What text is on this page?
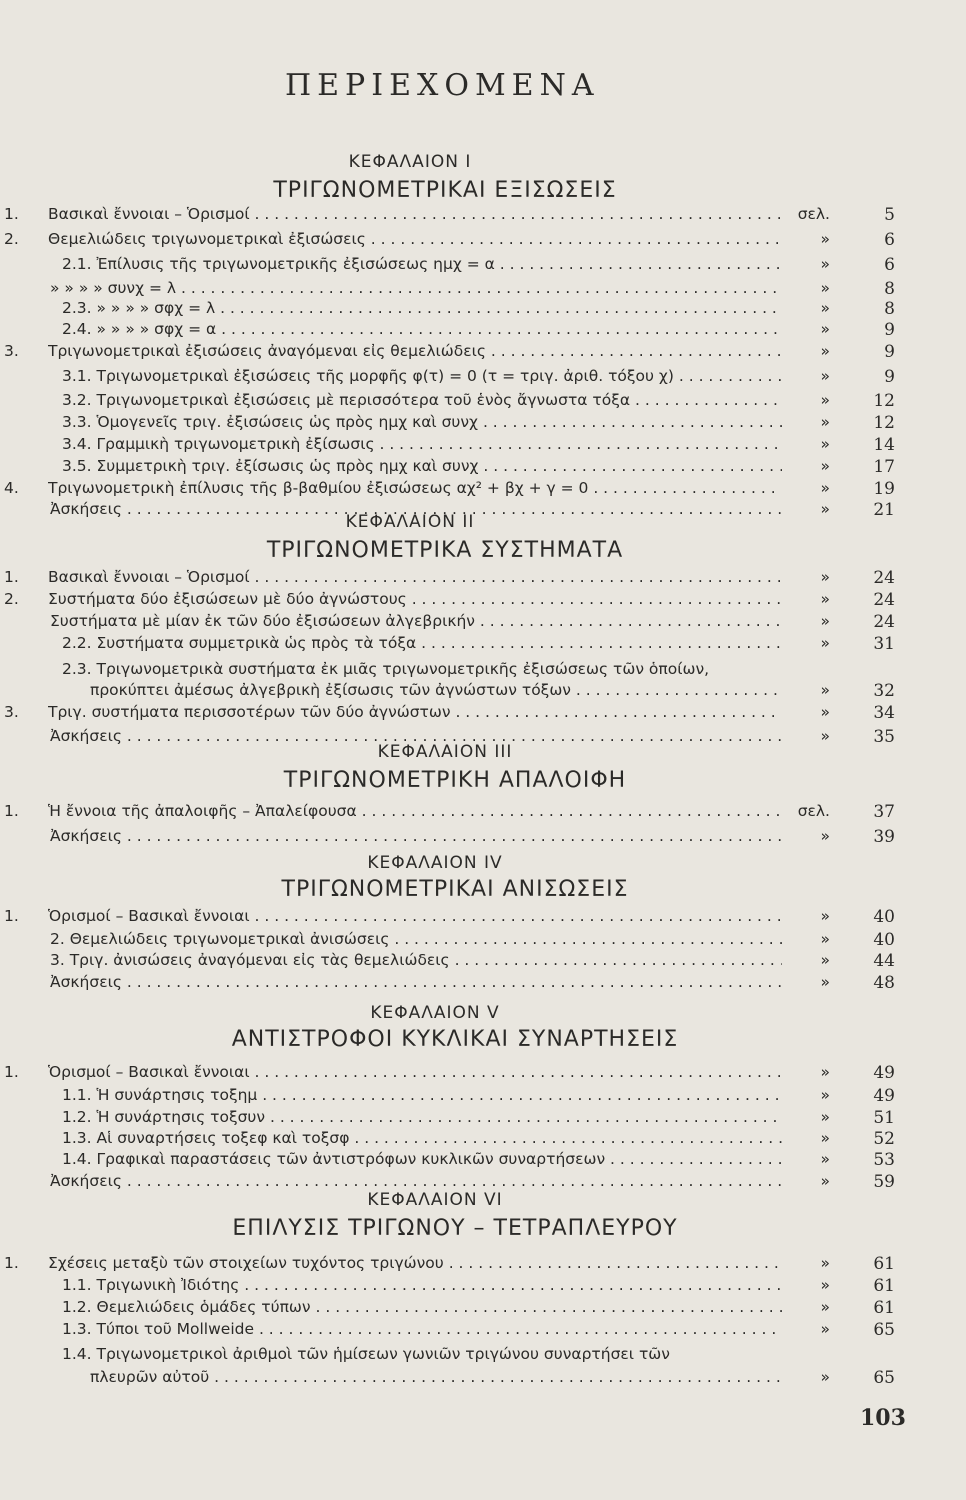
ΠΕΡΙΕΧΟΜΕΝΑ
ΚΕΦΑΛΑΙΟΝ Ι
ΤΡΙΓΩΝΟΜΕΤΡΙΚΑΙ ΕΞΙΣΩΣΕΙΣ
1. Βασικαὶ ἔννοιαι – Ὁρισμοί . . .	σελ.	5
2. Θεμελιώδεις τριγωνομετρικαὶ ἐξισώσεις . . .	»	6
2.1. Ἐπίλυσις τῆς τριγωνομετρικῆς ἐξισώσεως ημχ = α . . .	»	6
» » » » συνχ = λ . . .	»	8
2.3. » » » » σφχ = λ . . .	»	8
2.4. » » » » σφχ = α . . .	»	9
3. Τριγωνομετρικαὶ ἐξισώσεις ἀναγόμεναι εἰς θεμελιώδεις . . .	»	9
3.1. Τριγωνομετρικαὶ ἐξισώσεις τῆς μορφῆς φ(τ) = 0 (τ = τριγ. ἀριθ. τόξου χ) . . .	»	9
3.2. Τριγωνομετρικαὶ ἐξισώσεις μὲ περισσότερα τοῦ ἑνὸς ἄγνωστα τόξα . . .	»	12
3.3. Ὁμογενεῖς τριγ. ἐξισώσεις ὡς πρὸς ημχ καὶ συνχ . . .	»	12
3.4. Γραμμικὴ τριγωνομετρικὴ ἐξίσωσις . . .	»	14
3.5. Συμμετρικὴ τριγ. ἐξίσωσις ὡς πρὸς ημχ καὶ συνχ . . .	»	17
4. Τριγωνομετρικὴ ἐπίλυσις τῆς β-βαθμίου ἐξισώσεως αχ² + βχ + γ = 0 . . .	»	19
Ἀσκήσεις . . .	»	21
ΚΕΦΑΛΑΙΟΝ ΙΙ
ΤΡΙΓΩΝΟΜΕΤΡΙΚΑ ΣΥΣΤΗΜΑΤΑ
1. Βασικαὶ ἔννοιαι – Ὁρισμοί . . .	»	24
2. Συστήματα δύο ἐξισώσεων μὲ δύο ἀγνώστους . . .	»	24
Συστήματα μὲ μίαν ἐκ τῶν δύο ἐξισώσεων ἀλγεβρικήν . . .	»	24
2.2. Συστήματα συμμετρικὰ ὡς πρὸς τὰ τόξα . . .	»	31
2.3. Τριγωνομετρικὰ συστήματα ἐκ μιᾶς τριγωνομετρικῆς ἐξισώσεως τῶν ὁποίων,
προκύπτει ἀμέσως ἀλγεβρικὴ ἐξίσωσις τῶν ἀγνώστων τόξων . . .	»	32
3. Τριγ. συστήματα περισσοτέρων τῶν δύο ἀγνώστων . . .	»	34
Ἀσκήσεις . . .	»	35
ΚΕΦΑΛΑΙΟΝ ΙΙΙ
ΤΡΙΓΩΝΟΜΕΤΡΙΚΗ ΑΠΑΛΟΙΦΗ
1. Ἡ ἔννοια τῆς ἀπαλοιφῆς – Ἀπαλείφουσα . . .	σελ.	37
Ἀσκήσεις . . .	»	39
ΚΕΦΑΛΑΙΟΝ IV
ΤΡΙΓΩΝΟΜΕΤΡΙΚΑΙ ΑΝΙΣΩΣΕΙΣ
1. Ὁρισμοί – Βασικαὶ ἔννοιαι . . .	»	40
2. Θεμελιώδεις τριγωνομετρικαὶ ἀνισώσεις . . .	»	40
3. Τριγ. ἀνισώσεις ἀναγόμεναι εἰς τὰς θεμελιώδεις . . .	»	44
Ἀσκήσεις . . .	»	48
ΚΕΦΑΛΑΙΟΝ V
ΑΝΤΙΣΤΡΟΦΟΙ ΚΥΚΛΙΚΑΙ ΣΥΝΑΡΤΗΣΕΙΣ
1. Ὁρισμοί – Βασικαὶ ἔννοιαι . . .	»	49
1.1. Ἡ συνάρτησις τοξημ . . .	»	49
1.2. Ἡ συνάρτησις τοξσυν . . .	»	51
1.3. Αἱ συναρτήσεις τοξεφ καὶ τοξσφ . . .	»	52
1.4. Γραφικαὶ παραστάσεις τῶν ἀντιστρόφων κυκλικῶν συναρτήσεων . . .	»	53
Ἀσκήσεις . . .	»	59
ΚΕΦΑΛΑΙΟΝ VI
ΕΠΙΛΥΣΙΣ ΤΡΙΓΩΝΟΥ – ΤΕΤΡΑΠΛΕΥΡΟΥ
1. Σχέσεις μεταξὺ τῶν στοιχείων τυχόντος τριγώνου . . .	»	61
1.1. Τριγωνικὴ Ἰδιότης . . .	»	61
1.2. Θεμελιώδεις ὁμάδες τύπων . . .	»	61
1.3. Τύποι τοῦ Mollweide . . .	»	65
1.4. Τριγωνομετρικοὶ ἀριθμοὶ τῶν ἡμίσεων γωνιῶν τριγώνου συναρτήσει τῶν
πλευρῶν αὐτοῦ . . .	»	65
103
